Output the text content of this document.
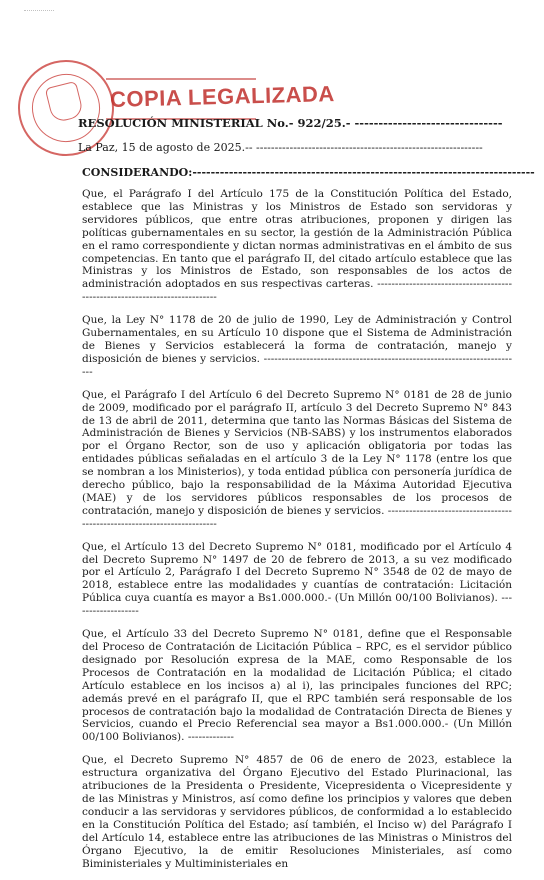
COPIA LEGALIZADA
RESOLUCIÓN MINISTERIAL No.- 922/25.- -------------------------------
La Paz, 15 de agosto de 2025.-- -------------------------------------------------------------
CONSIDERANDO:---------------------------------------------------------------------------

Que, el Parágrafo I del Artículo 175 de la Constitución Política del Estado, establece que las Ministras y los Ministros de Estado son servidoras y servidores públicos, que entre otras atribuciones, proponen y dirigen las políticas gubernamentales en su sector, la gestión de la Administración Pública en el ramo correspondiente y dictan normas administrativas en el ámbito de sus competencias. En tanto que el parágrafo II, del citado artículo establece que las Ministras y los Ministros de Estado, son responsables de los actos de administración adoptados en sus respectivas carteras. ----------------------------------------------------------------------------

Que, la Ley N° 1178 de 20 de julio de 1990, Ley de Administración y Control Gubernamentales, en su Artículo 10 dispone que el Sistema de Administración de Bienes y Servicios establecerá la forma de contratación, manejo y disposición de bienes y servicios. -------------------------------------------------------------------------

Que, el Parágrafo I del Artículo 6 del Decreto Supremo N° 0181 de 28 de junio de 2009, modificado por el parágrafo II, artículo 3 del Decreto Supremo N° 843 de 13 de abril de 2011, determina que tanto las Normas Básicas del Sistema de Administración de Bienes y Servicios (NB-SABS) y los instrumentos elaborados por el Órgano Rector, son de uso y aplicación obligatoria por todas las entidades públicas señaladas en el artículo 3 de la Ley N° 1178 (entre los que se nombran a los Ministerios), y toda entidad pública con personería jurídica de derecho público, bajo la responsabilidad de la Máxima Autoridad Ejecutiva (MAE) y de los servidores públicos responsables de los procesos de contratación, manejo y disposición de bienes y servicios. -------------------------------------------------------------------------

Que, el Artículo 13 del Decreto Supremo N° 0181, modificado por el Artículo 4 del Decreto Supremo N° 1497 de 20 de febrero de 2013, a su vez modificado por el Artículo 2, Parágrafo I del Decreto Supremo N° 3548 de 02 de mayo de 2018, establece entre las modalidades y cuantías de contratación: Licitación Pública cuya cuantía es mayor a Bs1.000.000.- (Un Millón 00/100 Bolivianos). -------------------

Que, el Artículo 33 del Decreto Supremo N° 0181, define que el Responsable del Proceso de Contratación de Licitación Pública – RPC, es el servidor público designado por Resolución expresa de la MAE, como Responsable de los Procesos de Contratación en la modalidad de Licitación Pública; el citado Artículo establece en los incisos a) al i), las principales funciones del RPC; además prevé en el parágrafo II, que el RPC también será responsable de los procesos de contratación bajo la modalidad de Contratación Directa de Bienes y Servicios, cuando el Precio Referencial sea mayor a Bs1.000.000.- (Un Millón 00/100 Bolivianos). -------------

Que, el Decreto Supremo N° 4857 de 06 de enero de 2023, establece la estructura organizativa del Órgano Ejecutivo del Estado Plurinacional, las atribuciones de la Presidenta o Presidente, Vicepresidenta o Vicepresidente y de las Ministras y Ministros, así como define los principios y valores que deben conducir a las servidoras y servidores públicos, de conformidad a lo establecido en la Constitución Política del Estado; así también, el Inciso w) del Parágrafo I del Artículo 14, establece entre las atribuciones de las Ministras o Ministros del Órgano Ejecutivo, la de emitir Resoluciones Ministeriales, así como Biministeriales y Multiministeriales en
